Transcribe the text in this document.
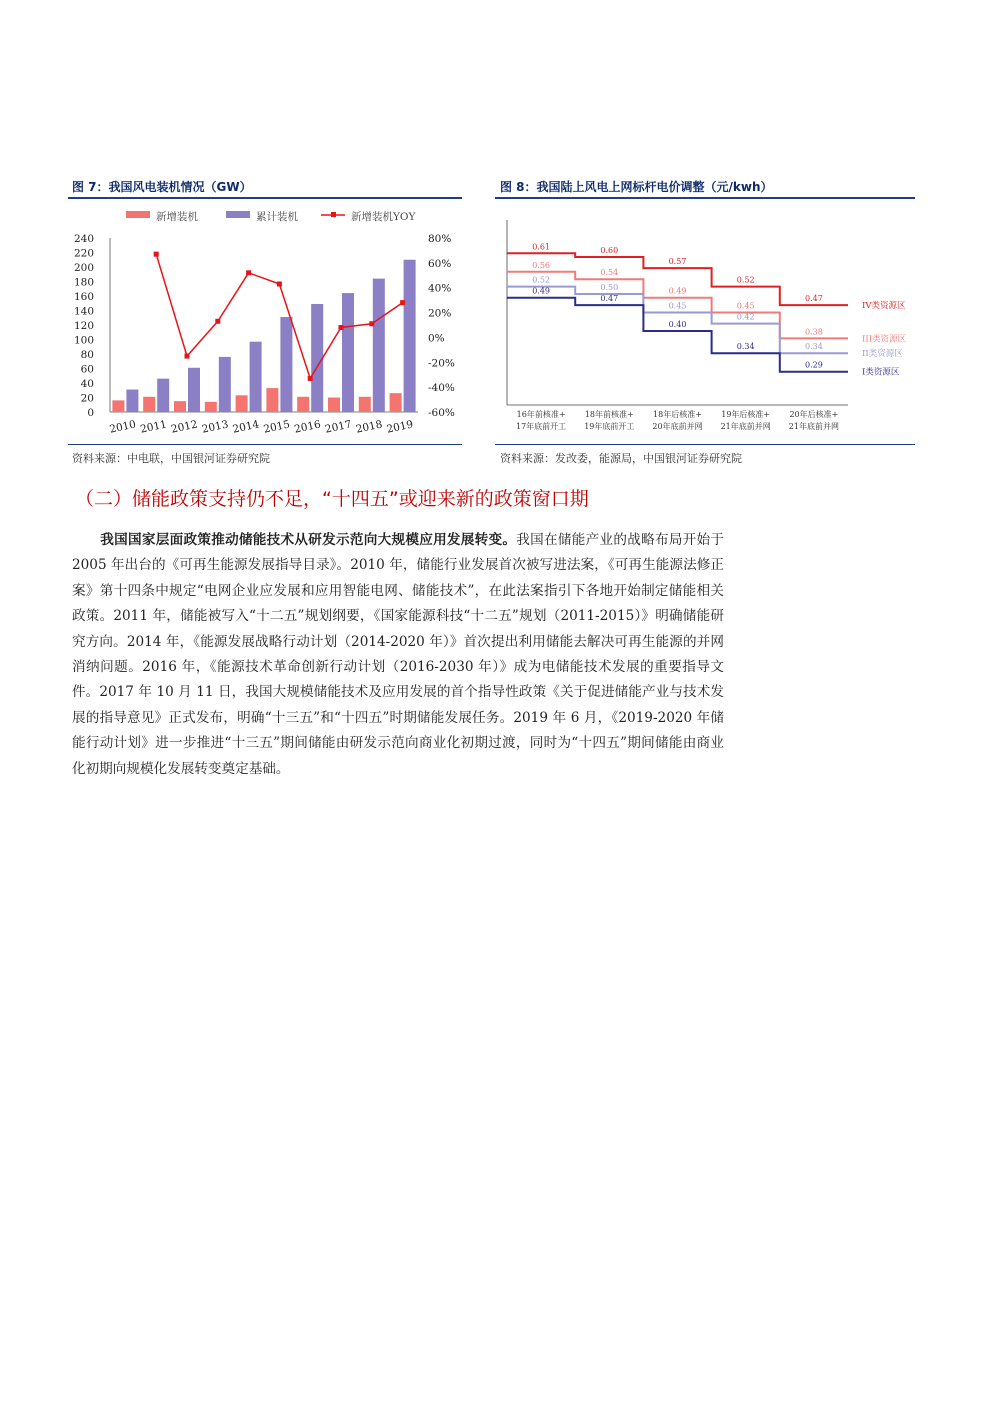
图 7：我国风电装机情况（GW）
新增装机	累计装机	新增装机YOY
240
220
200
180
160
140
120
100
80
60
40
20
0
80%
60%
40%
20%
0%
-20%
-40%
-60%
2010 2011 2012 2013 2014 2015 2016 2017 2018 2019
资料来源：中电联，中国银河证券研究院
图 8：我国陆上风电上网标杆电价调整（元/kwh）
16年前核准+
17年底前开工
18年前核准+
19年底前开工
18年后核准+
20年底前并网
19年后核准+
21年底前并网
20年后核准+
21年底前并网
0.61	0.60
0.57
0.52
0.47
IV类资源区
0.56
0.54
0.49
0.45
0.38
III类资源区
0.52
0.50
0.45
0.42
0.34
II类资源区
0.49
0.47
0.40
0.34
0.29
I类资源区
资料来源：发改委，能源局，中国银河证券研究院
（二）储能政策支持仍不足，“十四五”或迎来新的政策窗口期
我国国家层面政策推动储能技术从研发示范向大规模应用发展转变。我国在储能产业的战略布局开始于 2005 年出台的《可再生能源发展指导目录》。2010 年，储能行业发展首次被写进法案，《可再生能源法修正案》第十四条中规定“电网企业应发展和应用智能电网、储能技术”，在此法案指引下各地开始制定储能相关政策。2011 年，储能被写入“十二五”规划纲要，《国家能源科技“十二五”规划（2011-2015）》明确储能研究方向。2014 年，《能源发展战略行动计划（2014-2020 年）》首次提出利用储能去解决可再生能源的并网消纳问题。2016 年，《能源技术革命创新行动计划（2016-2030 年）》成为电储能技术发展的重要指导文件。2017 年 10 月 11 日，我国大规模储能技术及应用发展的首个指导性政策《关于促进储能产业与技术发展的指导意见》正式发布，明确“十三五”和“十四五”时期储能发展任务。2019 年 6 月，《2019-2020 年储能行动计划》进一步推进“十三五”期间储能由研发示范向商业化初期过渡，同时为“十四五”期间储能由商业化初期向规模化发展转变奠定基础。
